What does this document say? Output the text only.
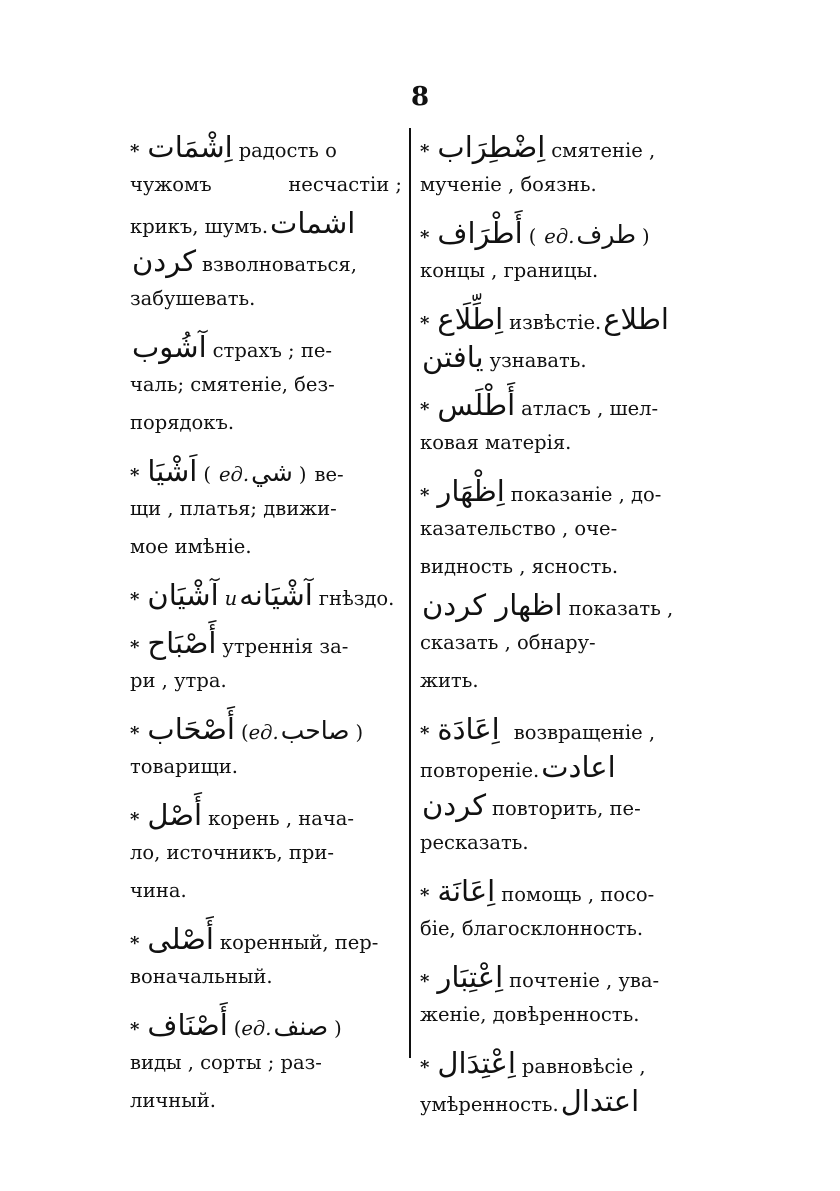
8
* اِشْمَات радость о
чужомъ	несчастіи ;
крикъ, шумъ. اشمات
کردن взволноваться,
забушевать.
آشُوب страхъ ; пе-
чаль; смятеніе, без-
порядокъ.
* اَشْيَا ( ед. شي ) ве-
щи , платья; движи-
мое имѣніе.
* آشْيَان и آشْيَانه гнѣздо.
* أَصْبَاح утреннія за-
ри , утра.
* أَصْحَاب ( ед. صاحب )
товарищи.
* أَصْل корень , нача-
ло, источникъ, при-
чина.
* أَصْلى коренный, пер-
воначальный.
* أَصْنَاف ( ед. صنف )
виды , сорты ; раз-
личный.
* اِضْطِرَاب смятеніе ,
мученіе , боязнь.
* أَطْرَاف ( ед. طرف )
концы , границы.
* اِطِّلَاع извѣстіе. اطلاع
يافتن узнавать.
* أَطْلَس атласъ , шел-
ковая матерія.
* اِظْهَار показаніе , до-
казательство , оче-
видность , ясность.
اظهار کردن показать ,
сказать , обнару-
жить.
* اِعَادَة возвращеніе ,
повтореніе. اعادت
کردن повторить, пе-
ресказать.
* اِعَانَة помощь , посо-
біе, благосклонность.
* اِعْتِبَار почтеніе , ува-
женіе, довѣренность.
* اِعْتِدَال равновѣсіе ,
умѣренность. اعتدال
